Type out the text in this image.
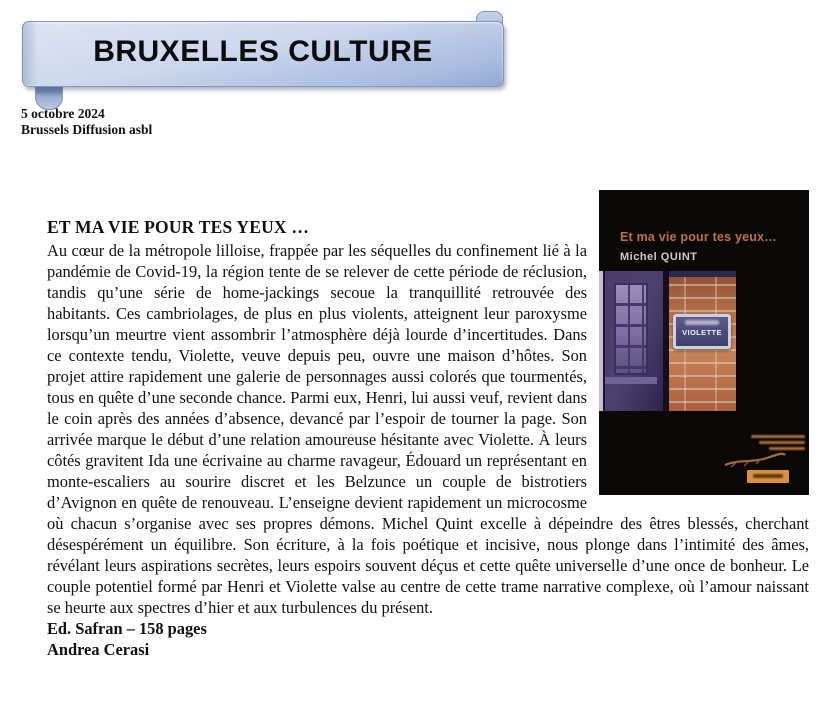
BRUXELLES CULTURE
5 octobre 2024
Brussels Diffusion asbl
Et ma vie pour tes yeux…
Michel QUINT
VIOLETTE
ET MA VIE POUR TES YEUX …

Au cœur de la métropole lilloise, frappée par les séquelles du confinement lié à la pandémie de Covid-19, la région tente de se relever de cette période de réclusion, tandis qu’une série de home-jackings secoue la tranquillité retrouvée des habitants. Ces cambriolages, de plus en plus violents, atteignent leur paroxysme lorsqu’un meurtre vient assombrir l’atmosphère déjà lourde d’incertitudes. Dans ce contexte tendu, Violette, veuve depuis peu, ouvre une maison d’hôtes. Son projet attire rapidement une galerie de personnages aussi colorés que tourmentés, tous en quête d’une seconde chance. Parmi eux, Henri, lui aussi veuf, revient dans le coin après des années d’absence, devancé par l’espoir de tourner la page. Son arrivée marque le début d’une relation amoureuse hésitante avec Violette. À leurs côtés gravitent Ida une écrivaine au charme ravageur, Édouard un représentant en monte-escaliers au sourire discret et les Belzunce un couple de bistrotiers d’Avignon en quête de renouveau. L’enseigne devient rapidement un microcosme où chacun s’organise avec ses propres démons. Michel Quint excelle à dépeindre des êtres blessés, cherchant désespérément un équilibre. Son écriture, à la fois poétique et incisive, nous plonge dans l’intimité des âmes, révélant leurs aspirations secrètes, leurs espoirs souvent déçus et cette quête universelle d’une once de bonheur. Le couple potentiel formé par Henri et Violette valse au centre de cette trame narrative complexe, où l’amour naissant se heurte aux spectres d’hier et aux turbulences du présent.

Ed. Safran – 158 pages

Andrea Cerasi
